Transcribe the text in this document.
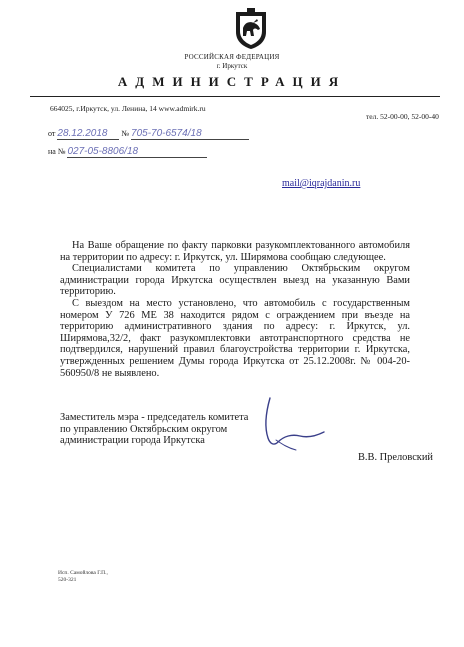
РОССИЙСКАЯ ФЕДЕРАЦИЯ
г. Иркутск
АДМИНИСТРАЦИЯ
664025, г.Иркутск, ул. Ленина, 14 www.admirk.ru
тел. 52-00-00, 52-00-40
от 28.12.2018 № 705-70-6574/18
на № 027-05-8806/18
mail@iqrajdanin.ru

На Ваше обращение по факту парковки разукомплектованного автомобиля на территории по адресу: г. Иркутск, ул. Ширямова сообщаю следующее.

Специалистами комитета по управлению Октябрьским округом администрации города Иркутска осуществлен выезд на указанную Вами территорию.

С выездом на место установлено, что автомобиль с государственным номером У 726 МЕ 38 находится рядом с ограждением при въезде на территорию административного здания по адресу: г. Иркутск, ул. Ширямова,32/2, факт разукомплектовки автотранспортного средства не подтвердился, нарушений правил благоустройства территории г. Иркутска, утвержденных решением Думы города Иркутска от 25.12.2008г. № 004-20-560950/8 не выявлено.

Заместитель мэра - председатель комитета
по управлению Октябрьским округом
администрации города Иркутска
В.В. Преловский
Исп. Самойлова Г.П.,
520-321
